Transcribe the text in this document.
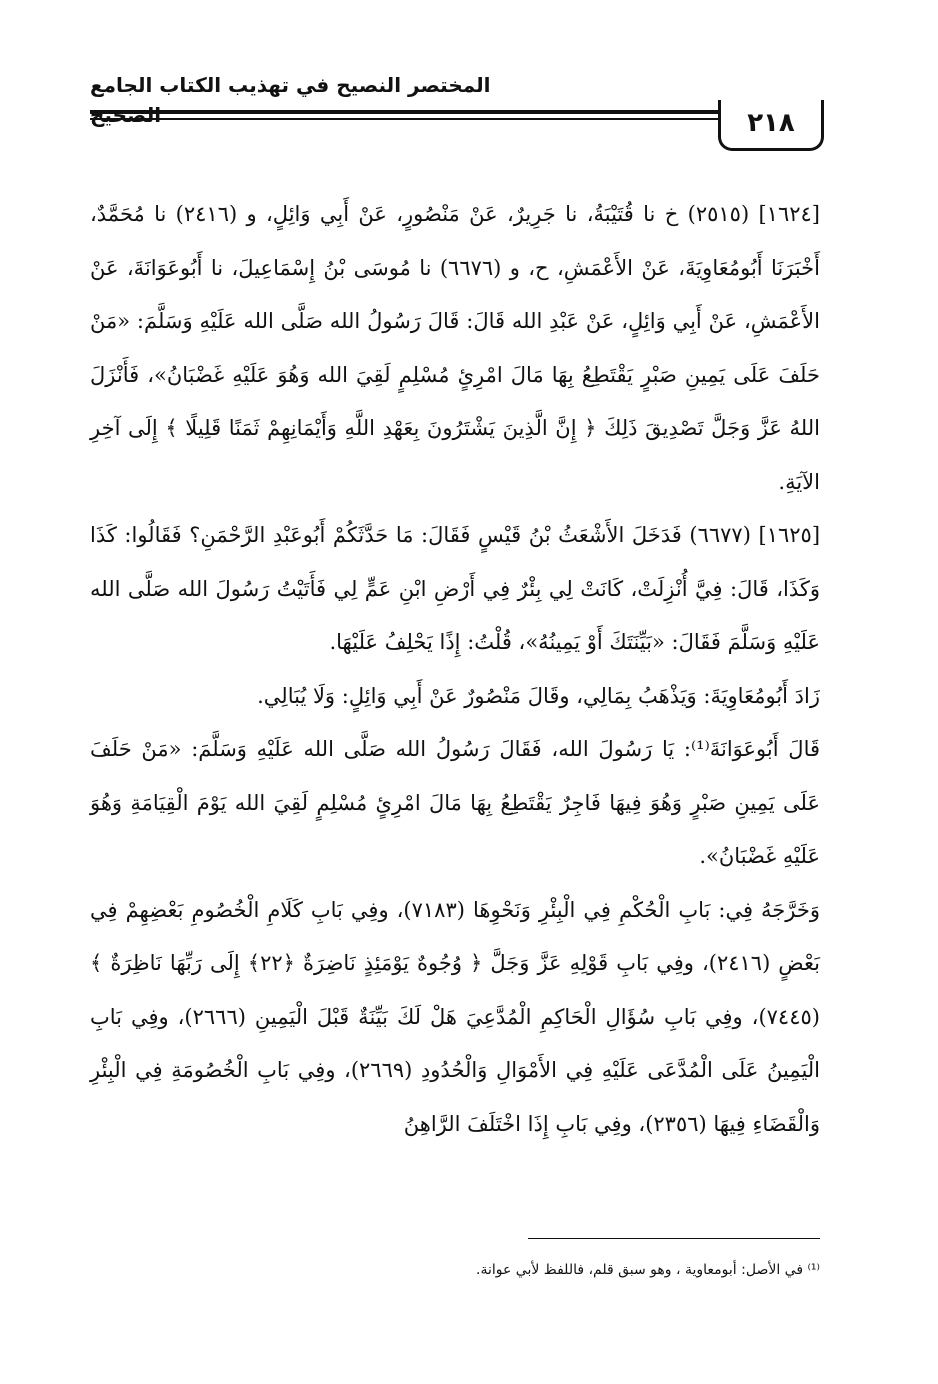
المختصر النصيح في تهذيب الكتاب الجامع الصحيح	٢١٨

[١٦٢٤] (٢٥١٥) خ نا قُتَيْبَةُ، نا جَرِيرٌ، عَنْ مَنْصُورٍ، عَنْ أَبِي وَائِلٍ، و (٢٤١٦) نا مُحَمَّدٌ، أَخْبَرَنَا أَبُومُعَاوِيَةَ، عَنْ الأَعْمَشِ، ح، و (٦٦٧٦) نا مُوسَى بْنُ إِسْمَاعِيلَ، نا أَبُوعَوَانَةَ، عَنْ الأَعْمَشِ، عَنْ أَبِي وَائِلٍ، عَنْ عَبْدِ الله قَالَ: قَالَ رَسُولُ الله صَلَّى الله عَلَيْهِ وَسَلَّمَ: «مَنْ حَلَفَ عَلَى يَمِينِ صَبْرٍ يَقْتَطِعُ بِهَا مَالَ امْرِئٍ مُسْلِمٍ لَقِيَ الله وَهُوَ عَلَيْهِ غَضْبَانُ»، فَأَنْزَلَ اللهُ عَزَّ وَجَلَّ تَصْدِيقَ ذَلِكَ ﴿ إِنَّ الَّذِينَ يَشْتَرُونَ بِعَهْدِ اللَّهِ وَأَيْمَانِهِمْ ثَمَنًا قَلِيلًا ﴾ إِلَى آخِرِ الآيَةِ.

[١٦٢٥] (٦٦٧٧) فَدَخَلَ الأَشْعَثُ بْنُ قَيْسٍ فَقَالَ: مَا حَدَّثَكُمْ أَبُوعَبْدِ الرَّحْمَنِ؟ فَقَالُوا: كَذَا وَكَذَا، قَالَ: فِيَّ أُنْزِلَتْ، كَانَتْ لِي بِئْرٌ فِي أَرْضِ ابْنِ عَمٍّ لِي فَأَتَيْتُ رَسُولَ الله صَلَّى الله عَلَيْهِ وَسَلَّمَ فَقَالَ: «بَيِّنَتَكَ أَوْ يَمِينُهُ»، قُلْتُ: إِذًا يَحْلِفُ عَلَيْهَا.

زَادَ أَبُومُعَاوِيَةَ: وَيَذْهَبُ بِمَالِي، وقَالَ مَنْصُورٌ عَنْ أَبِي وَائِلٍ: وَلَا يُبَالِي.

قَالَ أَبُوعَوَانَةَ⁽¹⁾: يَا رَسُولَ الله، فَقَالَ رَسُولُ الله صَلَّى الله عَلَيْهِ وَسَلَّمَ: «مَنْ حَلَفَ عَلَى يَمِينِ صَبْرٍ وَهُوَ فِيهَا فَاجِرٌ يَقْتَطِعُ بِهَا مَالَ امْرِئٍ مُسْلِمٍ لَقِيَ الله يَوْمَ الْقِيَامَةِ وَهُوَ عَلَيْهِ غَضْبَانُ».

وَخَرَّجَهُ فِي: بَابِ الْحُكْمِ فِي الْبِئْرِ وَنَحْوِهَا (٧١٨٣)، وفِي بَابِ كَلَامِ الْخُصُومِ بَعْضِهِمْ فِي بَعْضٍ (٢٤١٦)، وفِي بَابِ قَوْلِهِ عَزَّ وَجَلَّ ﴿ وُجُوهٌ يَوْمَئِذٍ نَاضِرَةٌ ﴿٢٢﴾ إِلَى رَبِّهَا نَاظِرَةٌ ﴾ (٧٤٤٥)، وفِي بَابِ سُؤَالِ الْحَاكِمِ الْمُدَّعِيَ هَلْ لَكَ بَيِّنَةٌ قَبْلَ الْيَمِينِ (٢٦٦٦)، وفِي بَابِ الْيَمِينُ عَلَى الْمُدَّعَى عَلَيْهِ فِي الأَمْوَالِ وَالْحُدُودِ (٢٦٦٩)، وفِي بَابِ الْخُصُومَةِ فِي الْبِئْرِ وَالْقَضَاءِ فِيهَا (٢٣٥٦)، وفِي بَابِ إِذَا اخْتَلَفَ الرَّاهِنُ

⁽¹⁾ في الأصل: أبومعاوية ، وهو سبق قلم، فاللفظ لأبي عوانة.
